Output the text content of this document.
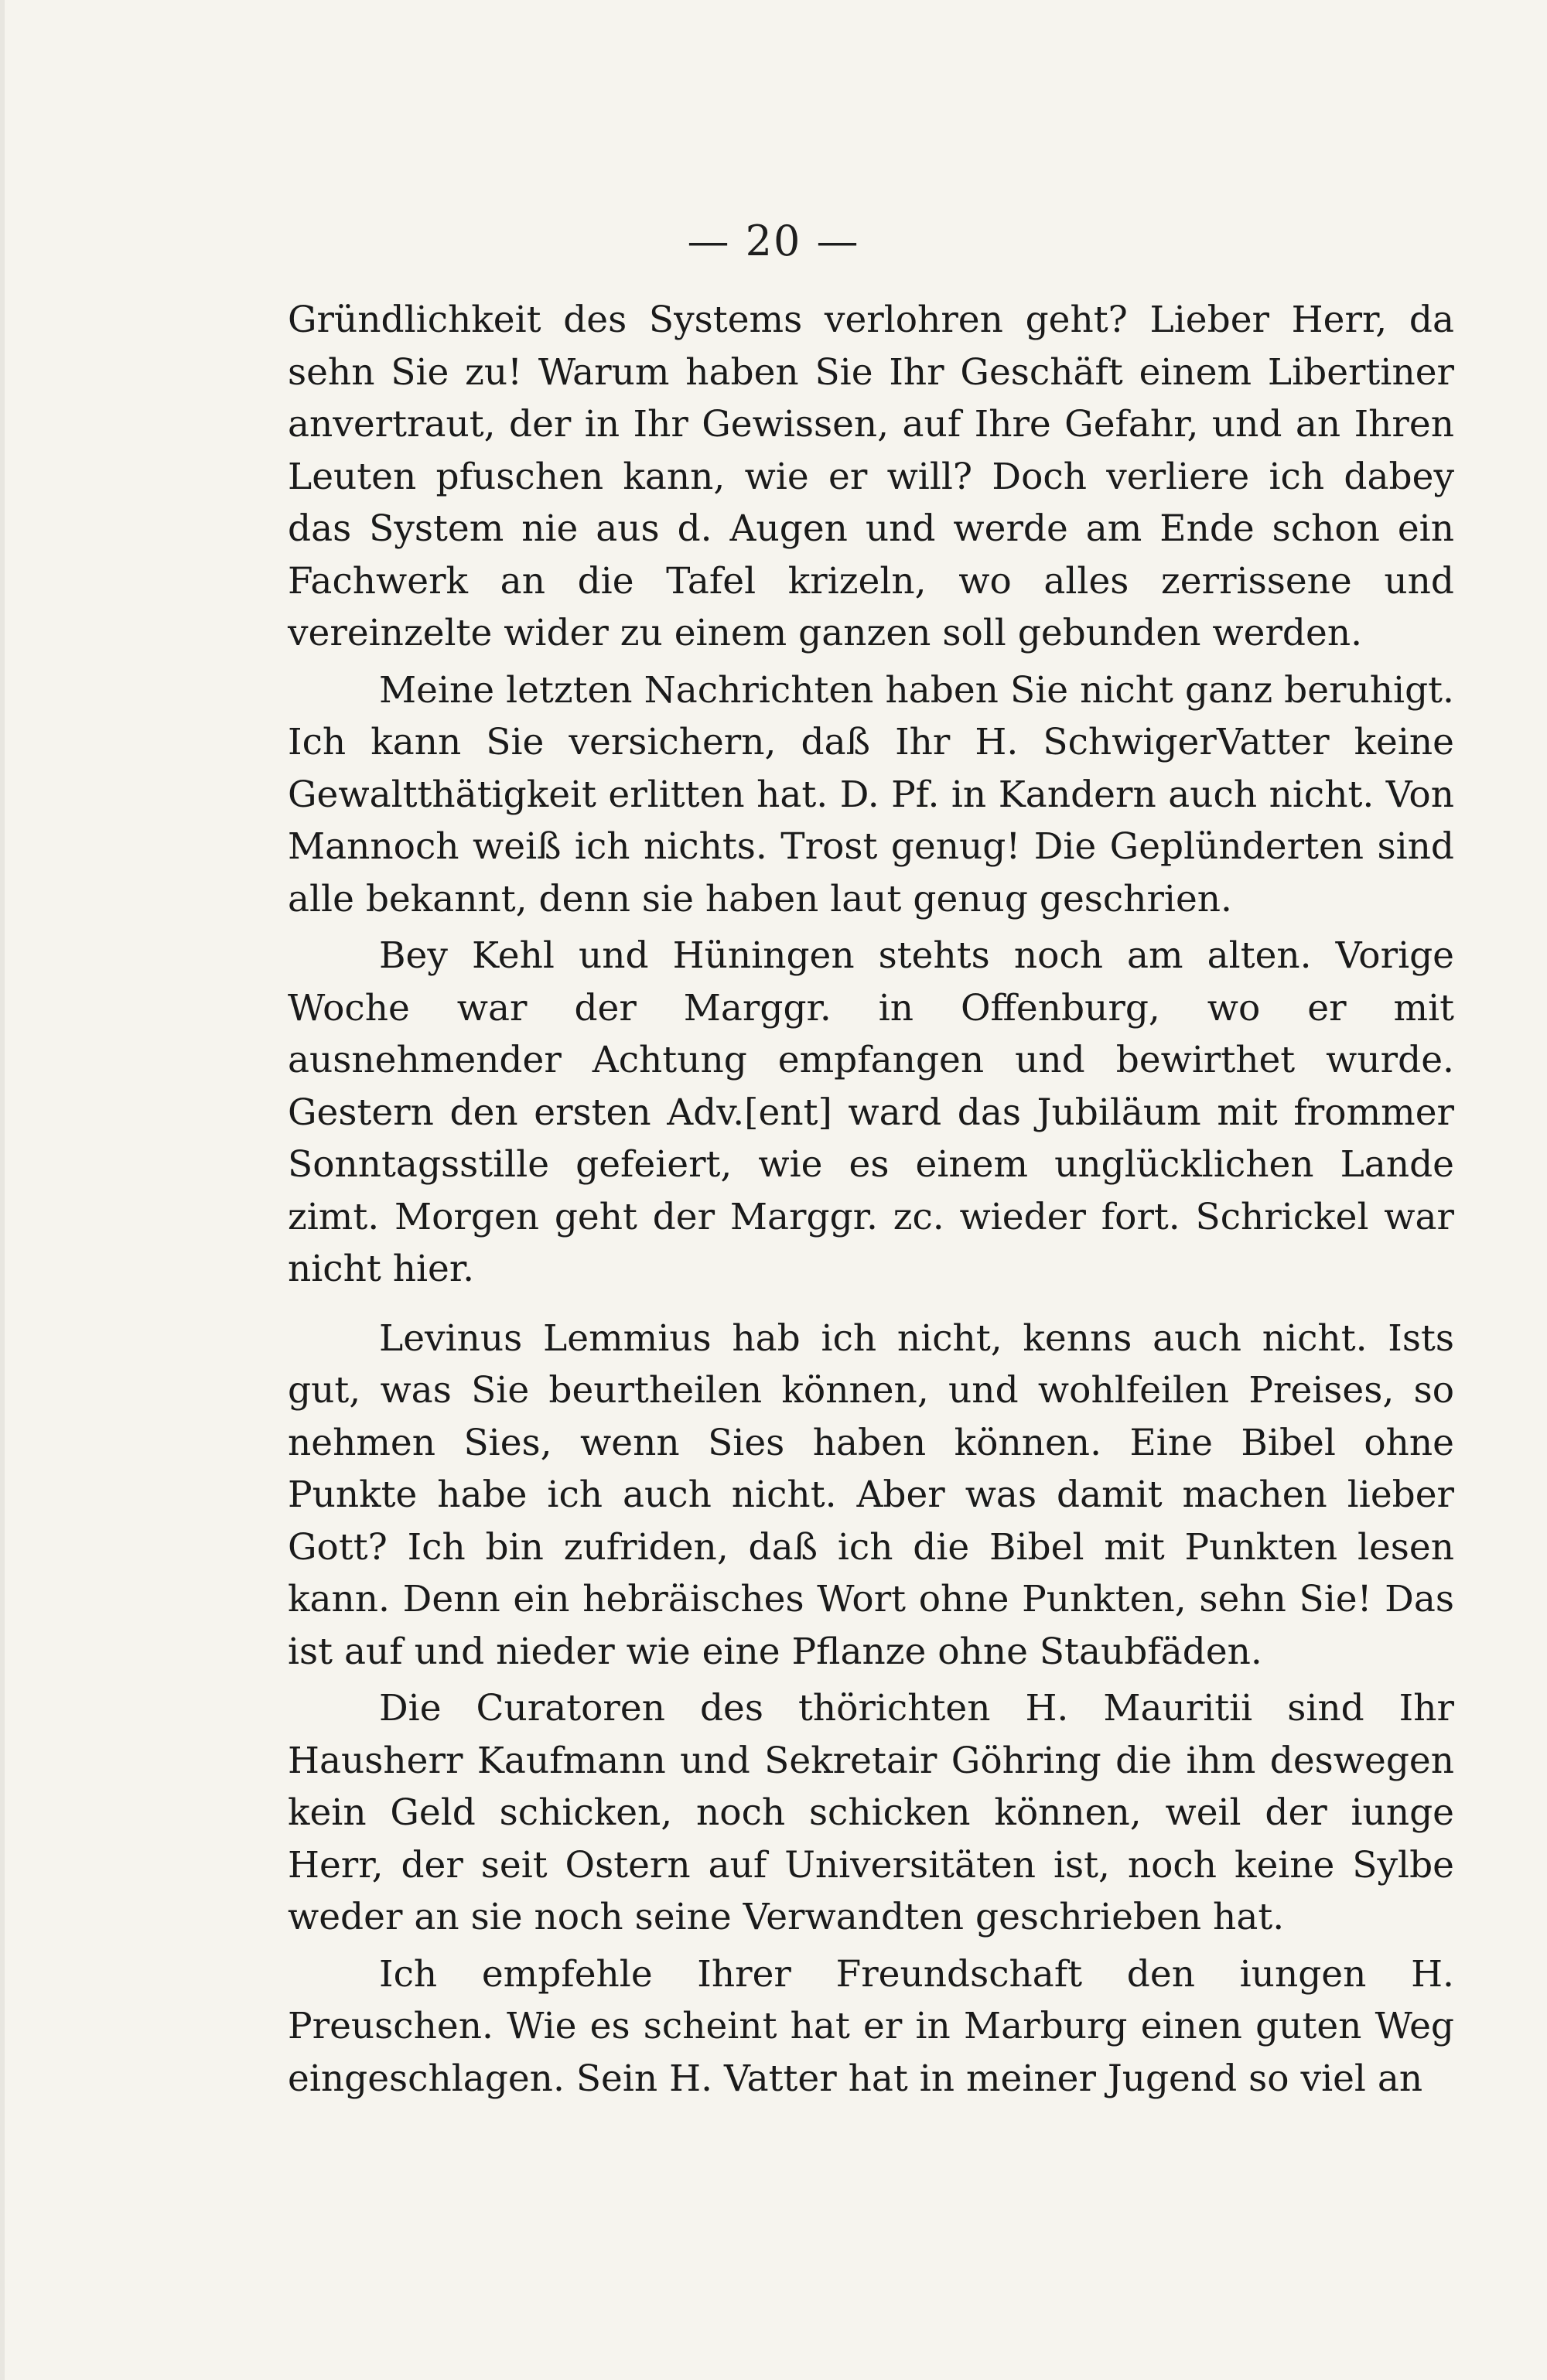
— 20 —

Gründlichkeit des Systems verlohren geht? Lieber Herr, da sehn Sie zu! Warum haben Sie Ihr Geschäft einem Libertiner anvertraut, der in Ihr Gewissen, auf Ihre Gefahr, und an Ihren Leuten pfuschen kann, wie er will? Doch verliere ich dabey das System nie aus d. Augen und werde am Ende schon ein Fachwerk an die Tafel krizeln, wo alles zerrissene und vereinzelte wider zu einem ganzen soll gebunden werden.

Meine letzten Nachrichten haben Sie nicht ganz beruhigt. Ich kann Sie versichern, daß Ihr H. SchwigerVatter keine Gewaltthätigkeit erlitten hat. D. Pf. in Kandern auch nicht. Von Mannoch weiß ich nichts. Trost genug! Die Geplünderten sind alle bekannt, denn sie haben laut genug geschrien.

Bey Kehl und Hüningen stehts noch am alten. Vorige Woche war der Marggr. in Offenburg, wo er mit ausnehmender Achtung empfangen und bewirthet wurde. Gestern den ersten Adv.[ent] ward das Jubiläum mit frommer Sonntagsstille gefeiert, wie es einem unglücklichen Lande zimt. Morgen geht der Marggr. zc. wieder fort. Schrickel war nicht hier.

Levinus Lemmius hab ich nicht, kenns auch nicht. Ists gut, was Sie beurtheilen können, und wohlfeilen Preises, so nehmen Sies, wenn Sies haben können. Eine Bibel ohne Punkte habe ich auch nicht. Aber was damit machen lieber Gott? Ich bin zufriden, daß ich die Bibel mit Punkten lesen kann. Denn ein hebräisches Wort ohne Punkten, sehn Sie! Das ist auf und nieder wie eine Pflanze ohne Staubfäden.

Die Curatoren des thörichten H. Mauritii sind Ihr Hausherr Kaufmann und Sekretair Göhring die ihm deswegen kein Geld schicken, noch schicken können, weil der iunge Herr, der seit Ostern auf Universitäten ist, noch keine Sylbe weder an sie noch seine Verwandten geschrieben hat.

Ich empfehle Ihrer Freundschaft den iungen H. Preuschen. Wie es scheint hat er in Marburg einen guten Weg eingeschlagen. Sein H. Vatter hat in meiner Jugend so viel an
